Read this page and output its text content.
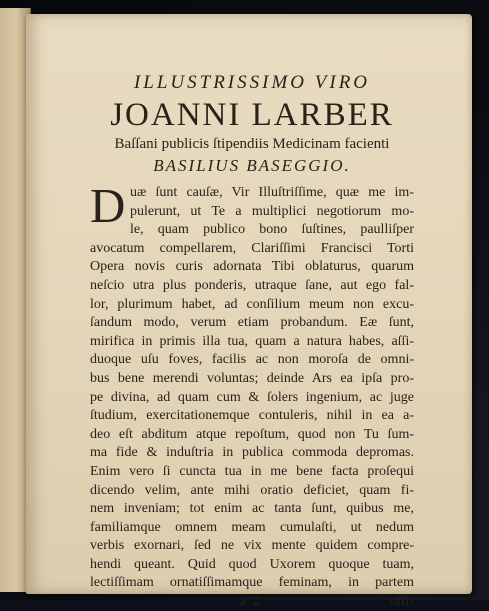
ILLUSTRISSIMO VIRO

JOANNI LARBER

Baſſani publicis ſtipendiis Medicinam facienti

BASILIUS BASEGGIO.

D uæ ſunt cauſæ, Vir Illuſtriſſime, quæ me im-
pulerunt, ut Te a multiplici negotiorum mo-
le, quam publico bono ſuſtines, paulliſper
avocatum compellarem, Clariſſimi Francisci Torti
Opera novis curis adornata Tibi oblaturus, quarum
neſcio utra plus ponderis, utraque ſane, aut ego fal-
lor, plurimum habet, ad conſilium meum non excu-
ſandum modo, verum etiam probandum. Eæ ſunt,
mirifica in primis illa tua, quam a natura habes, aſſi-
duoque uſu foves, facilis ac non moroſa de omni-
bus bene merendi voluntas; deinde Ars ea ipſa pro-
pe divina, ad quam cum & ſolers ingenium, ac juge
ſtudium, exercitationemque contuleris, nihil in ea a-
deo eſt abditum atque repoſtum, quod non Tu ſum-
ma fide & induſtria in publica commoda depromas.
Enim vero ſi cuncta tua in me bene facta proſequi
dicendo velim, ante mihi oratio deficiet, quam fi-
nem inveniam; tot enim ac tanta ſunt, quibus me,
familiamque omnem meam cumulaſti, ut nedum
verbis exornari, ſed ne vix mente quidem compre-
hendi queant. Quid quod Uxorem quoque tuam,
lectiſſimam ornatiſſimamque feminam, in partem
a 2	offi-
